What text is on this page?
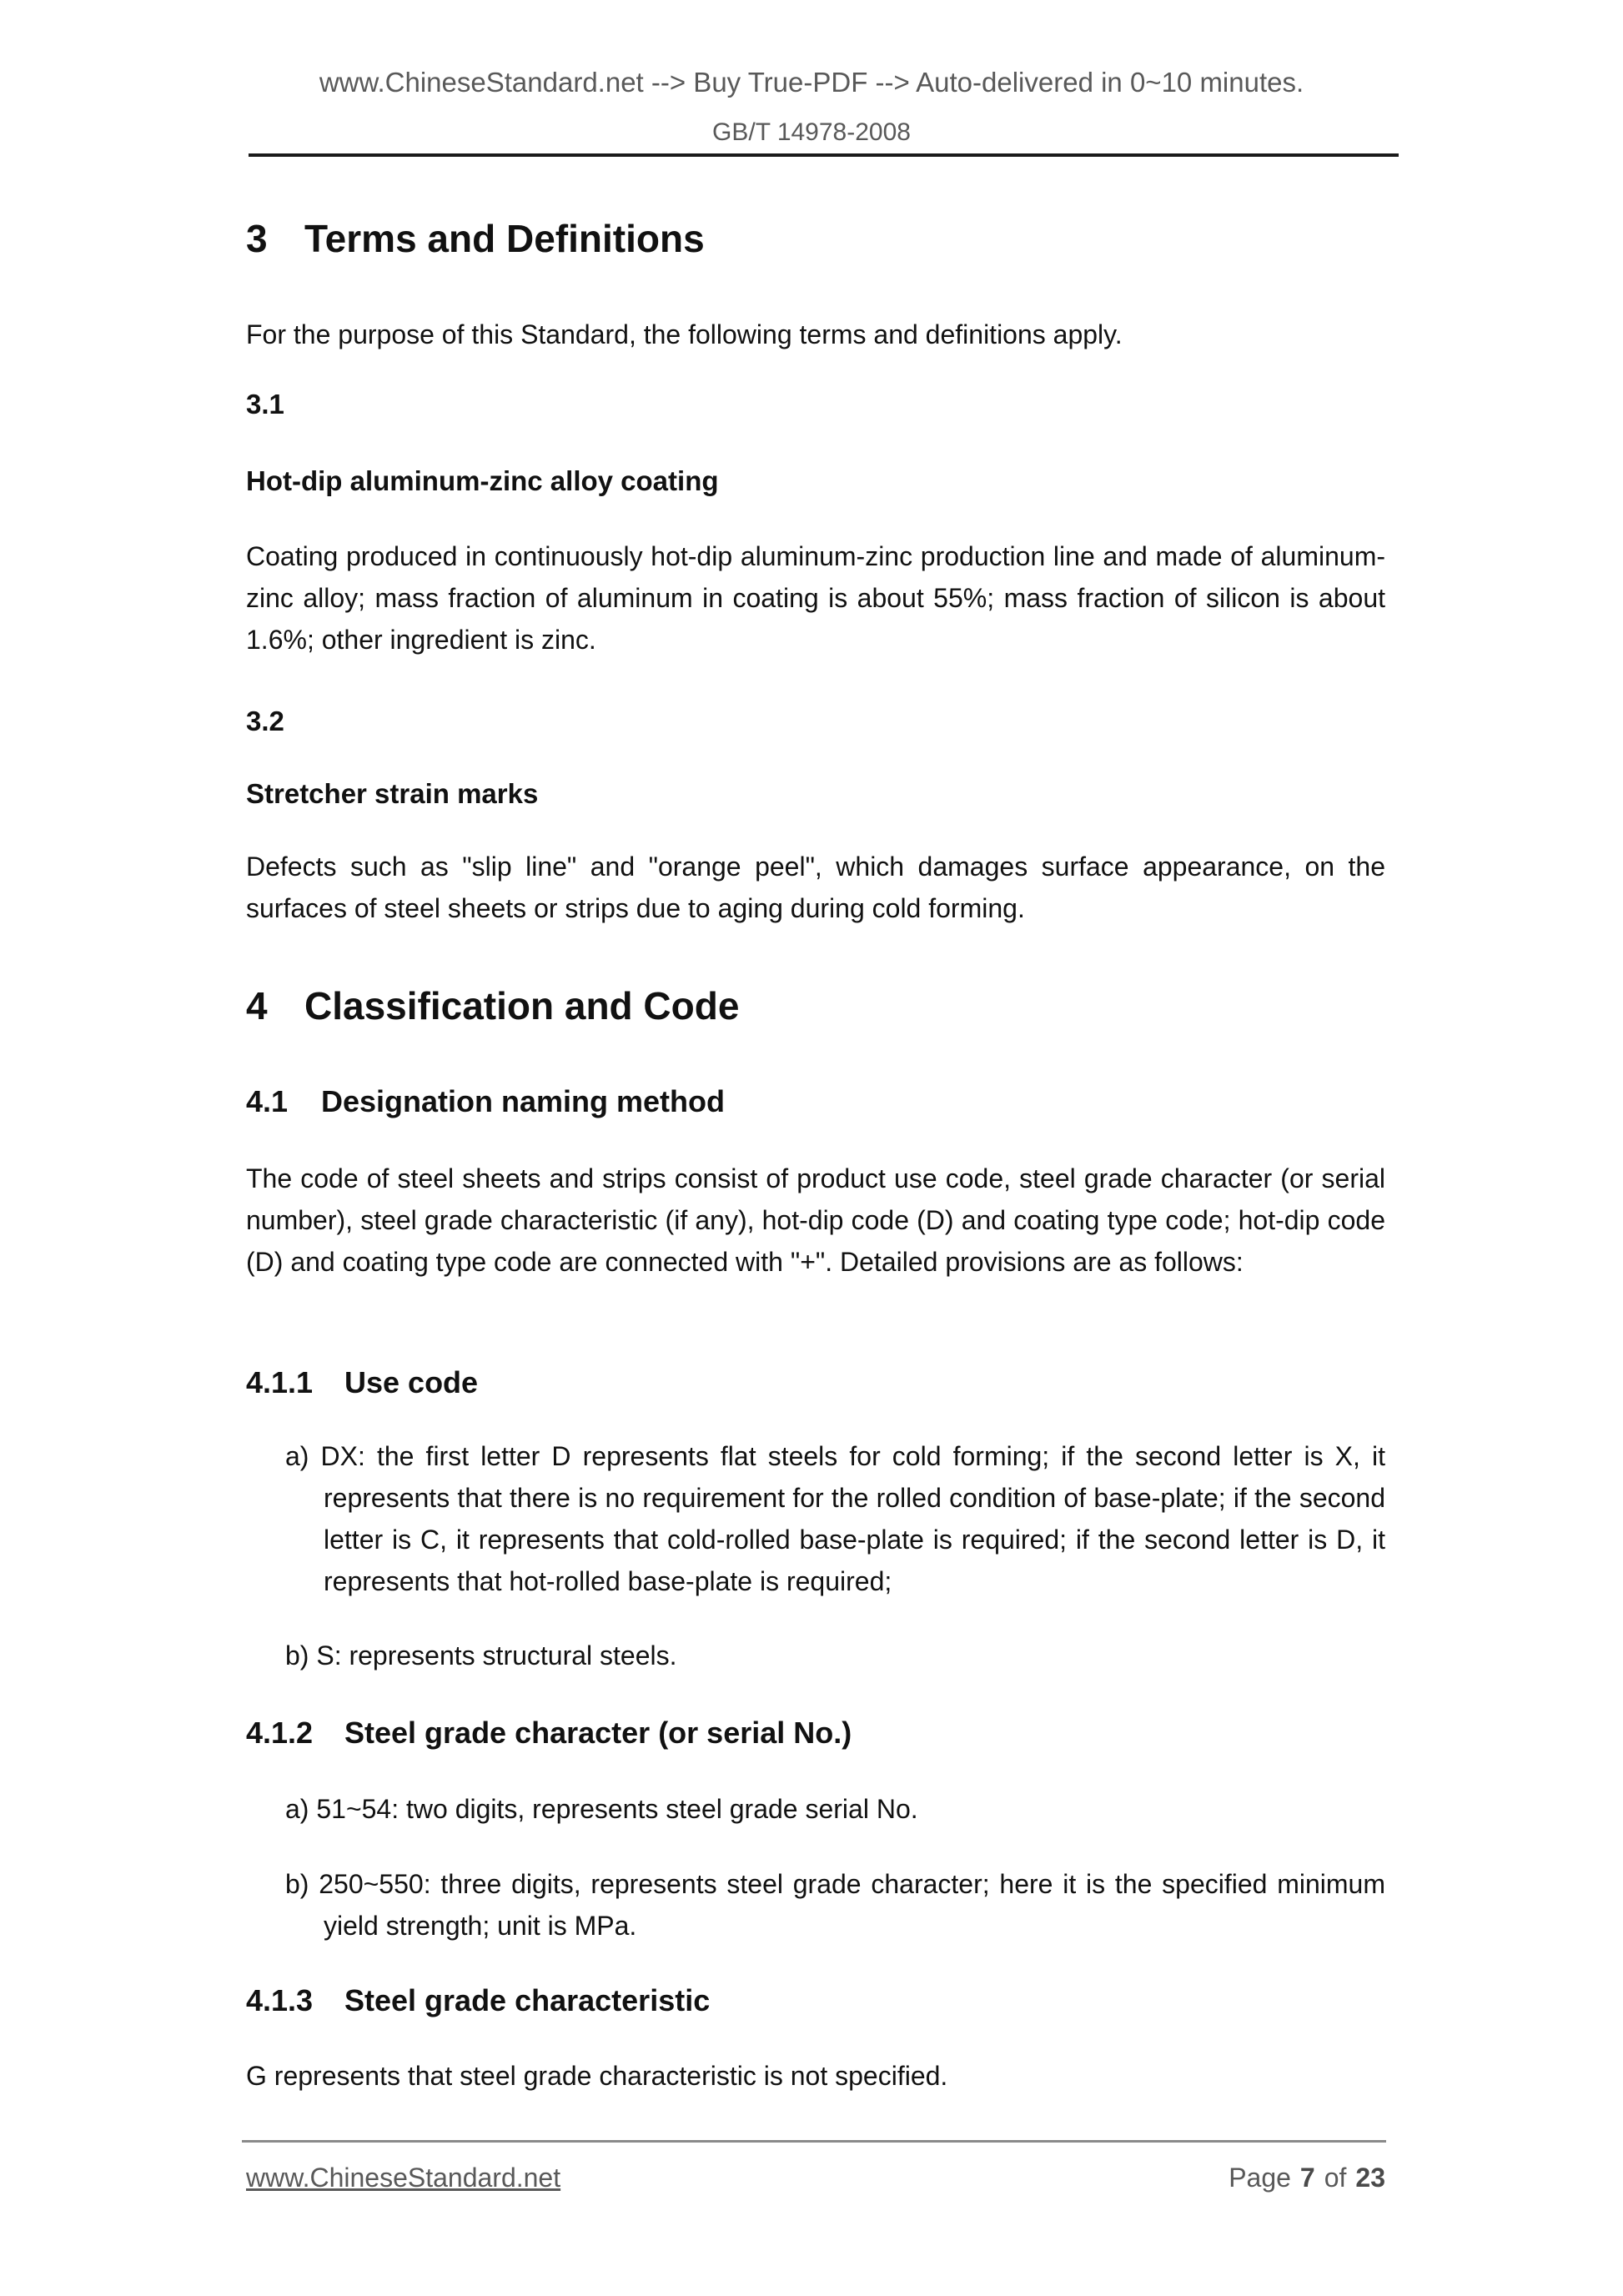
www.ChineseStandard.net --> Buy True-PDF --> Auto-delivered in 0~10 minutes.
GB/T 14978-2008
3 Terms and Definitions
For the purpose of this Standard, the following terms and definitions apply.
3.1
Hot-dip aluminum-zinc alloy coating
Coating produced in continuously hot-dip aluminum-zinc production line and made of aluminum-zinc alloy; mass fraction of aluminum in coating is about 55%; mass fraction of silicon is about 1.6%; other ingredient is zinc.
3.2
Stretcher strain marks
Defects such as "slip line" and "orange peel", which damages surface appearance, on the surfaces of steel sheets or strips due to aging during cold forming.
4 Classification and Code
4.1 Designation naming method
The code of steel sheets and strips consist of product use code, steel grade character (or serial number), steel grade characteristic (if any), hot-dip code (D) and coating type code; hot-dip code (D) and coating type code are connected with "+". Detailed provisions are as follows:
4.1.1 Use code
a) DX: the first letter D represents flat steels for cold forming; if the second letter is X, it represents that there is no requirement for the rolled condition of base-plate; if the second letter is C, it represents that cold-rolled base-plate is required; if the second letter is D, it represents that hot-rolled base-plate is required;
b) S: represents structural steels.
4.1.2 Steel grade character (or serial No.)
a) 51~54: two digits, represents steel grade serial No.
b) 250~550: three digits, represents steel grade character; here it is the specified minimum yield strength; unit is MPa.
4.1.3 Steel grade characteristic
G represents that steel grade characteristic is not specified.
www.ChineseStandard.net	Page 7 of 23
